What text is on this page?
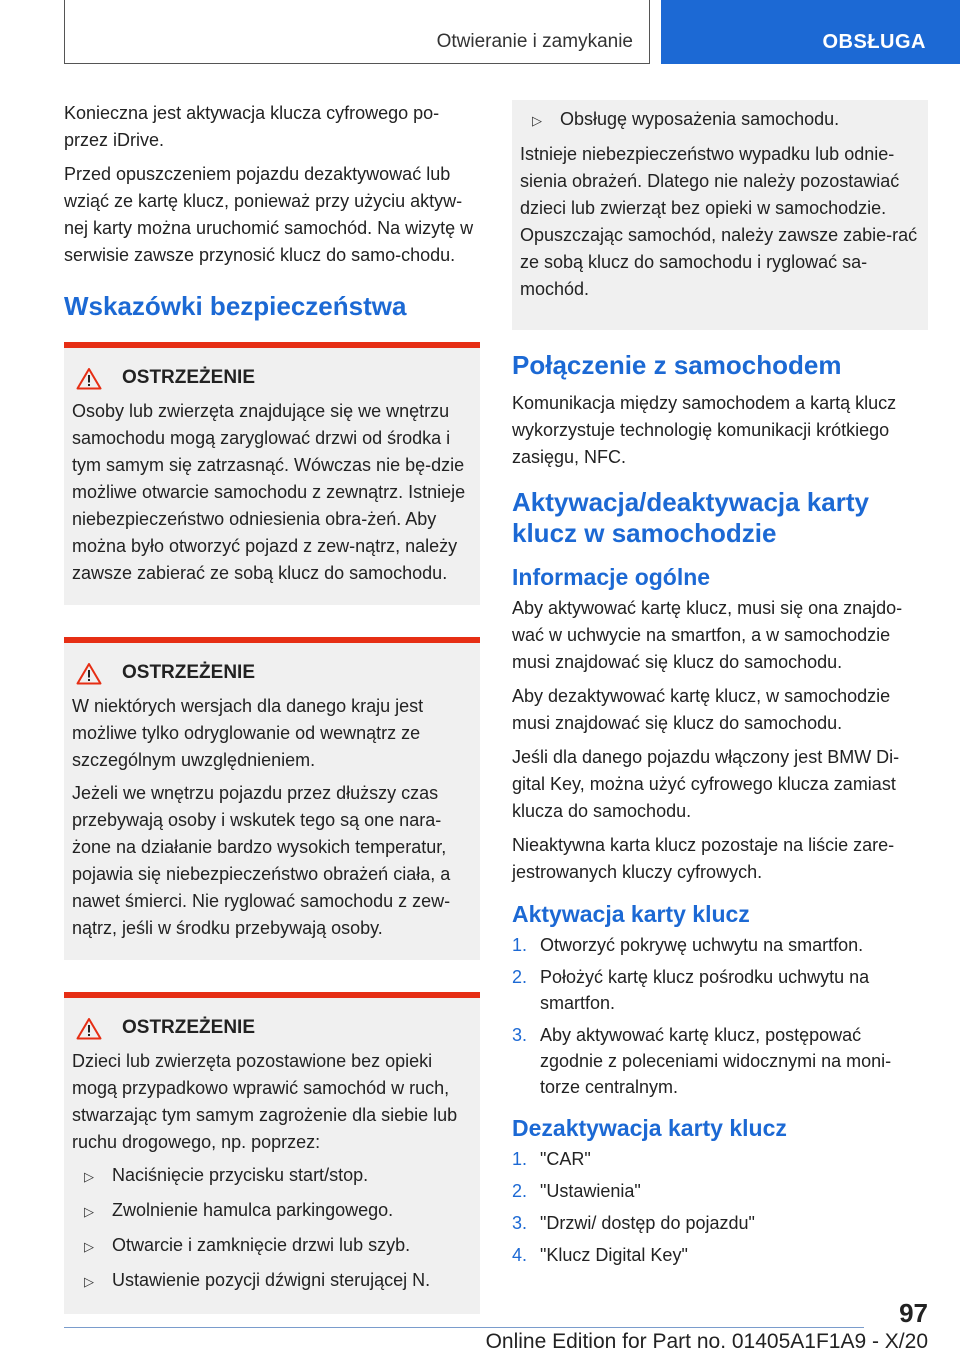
Otwieranie i zamykanie	OBSŁUGA

Konieczna jest aktywacja klucza cyfrowego po-przez iDrive.

Przed opuszczeniem pojazdu dezaktywować lub wziąć ze kartę klucz, ponieważ przy użyciu aktyw-nej karty można uruchomić samochód. Na wizytę w serwisie zawsze przynosić klucz do samo-chodu.

Wskazówki bezpieczeństwa
OSTRZEŻENIE

Osoby lub zwierzęta znajdujące się we wnętrzu samochodu mogą zaryglować drzwi od środka i tym samym się zatrzasnąć. Wówczas nie bę-dzie możliwe otwarcie samochodu z zewnątrz. Istnieje niebezpieczeństwo odniesienia obra-żeń. Aby można było otworzyć pojazd z zew-nątrz, należy zawsze zabierać ze sobą klucz do samochodu.

OSTRZEŻENIE

W niektórych wersjach dla danego kraju jest możliwe tylko odryglowanie od wewnątrz ze szczególnym uwzględnieniem.

Jeżeli we wnętrzu pojazdu przez dłuższy czas przebywają osoby i wskutek tego są one nara-żone na działanie bardzo wysokich temperatur, pojawia się niebezpieczeństwo obrażeń ciała, a nawet śmierci. Nie ryglować samochodu z zew-nątrz, jeśli w środku przebywają osoby.

OSTRZEŻENIE

Dzieci lub zwierzęta pozostawione bez opieki mogą przypadkowo wprawić samochód w ruch, stwarzając tym samym zagrożenie dla siebie lub ruchu drogowego, np. poprzez:

▷	Naciśnięcie przycisku start/stop.
▷	Zwolnienie hamulca parkingowego.
▷	Otwarcie i zamknięcie drzwi lub szyb.
▷	Ustawienie pozycji dźwigni sterującej N.
▷	Obsługę wyposażenia samochodu.

Istnieje niebezpieczeństwo wypadku lub odnie-sienia obrażeń. Dlatego nie należy pozostawiać dzieci lub zwierząt bez opieki w samochodzie. Opuszczając samochód, należy zawsze zabie-rać ze sobą klucz do samochodu i ryglować sa-mochód.

Połączenie z samochodem

Komunikacja między samochodem a kartą klucz wykorzystuje technologię komunikacji krótkiego zasięgu, NFC.

Aktywacja/deaktywacja karty klucz w samochodzie
Informacje ogólne

Aby aktywować kartę klucz, musi się ona znajdo-wać w uchwycie na smartfon, a w samochodzie musi znajdować się klucz do samochodu.

Aby dezaktywować kartę klucz, w samochodzie musi znajdować się klucz do samochodu.

Jeśli dla danego pojazdu włączony jest BMW Di-gital Key, można użyć cyfrowego klucza zamiast klucza do samochodu.

Nieaktywna karta klucz pozostaje na liście zare-jestrowanych kluczy cyfrowych.

Aktywacja karty klucz
1. Otworzyć pokrywę uchwytu na smartfon.
2. Położyć kartę klucz pośrodku uchwytu na smartfon.
3. Aby aktywować kartę klucz, postępować zgodnie z poleceniami widocznymi na moni-torze centralnym.
Dezaktywacja karty klucz
1. "CAR"
2. "Ustawienia"
3. "Drzwi/ dostęp do pojazdu"
4. "Klucz Digital Key"
97
Online Edition for Part no. 01405A1F1A9 - X/20
